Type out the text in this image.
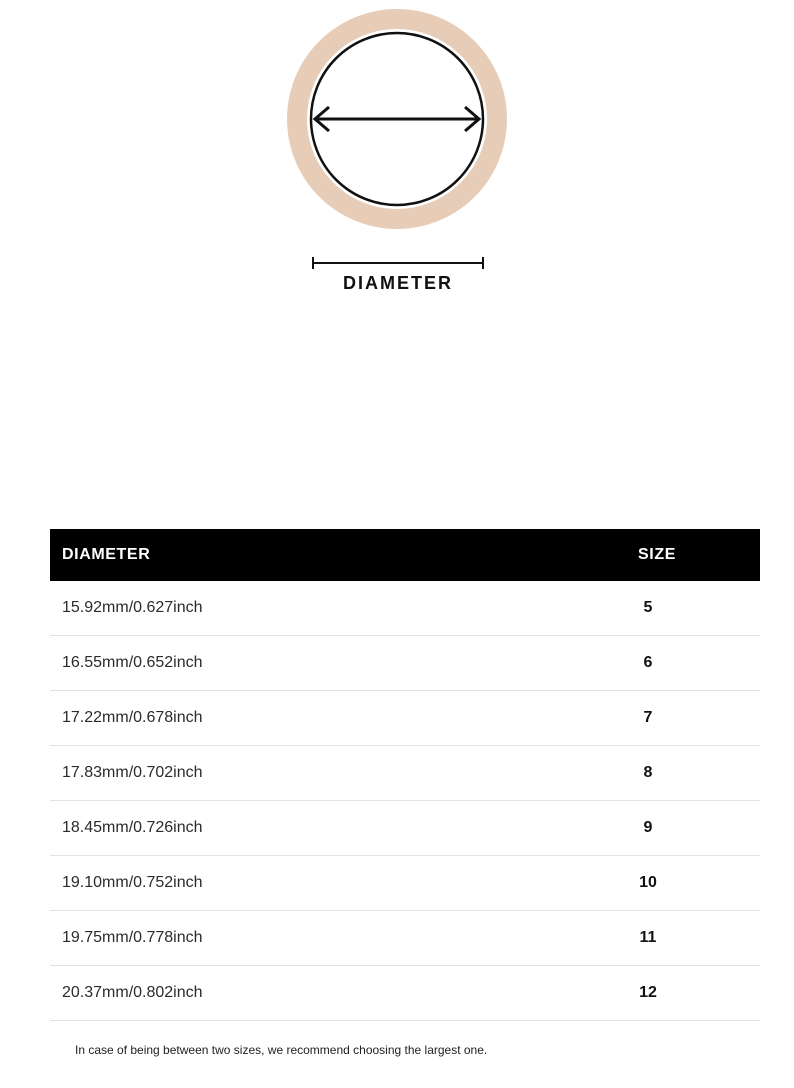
DIAMETER
DIAMETER	SIZE
15.92mm/0.627inch	5
16.55mm/0.652inch	6
17.22mm/0.678inch	7
17.83mm/0.702inch	8
18.45mm/0.726inch	9
19.10mm/0.752inch	10
19.75mm/0.778inch	11
20.37mm/0.802inch	12
In case of being between two sizes, we recommend choosing the largest one.
